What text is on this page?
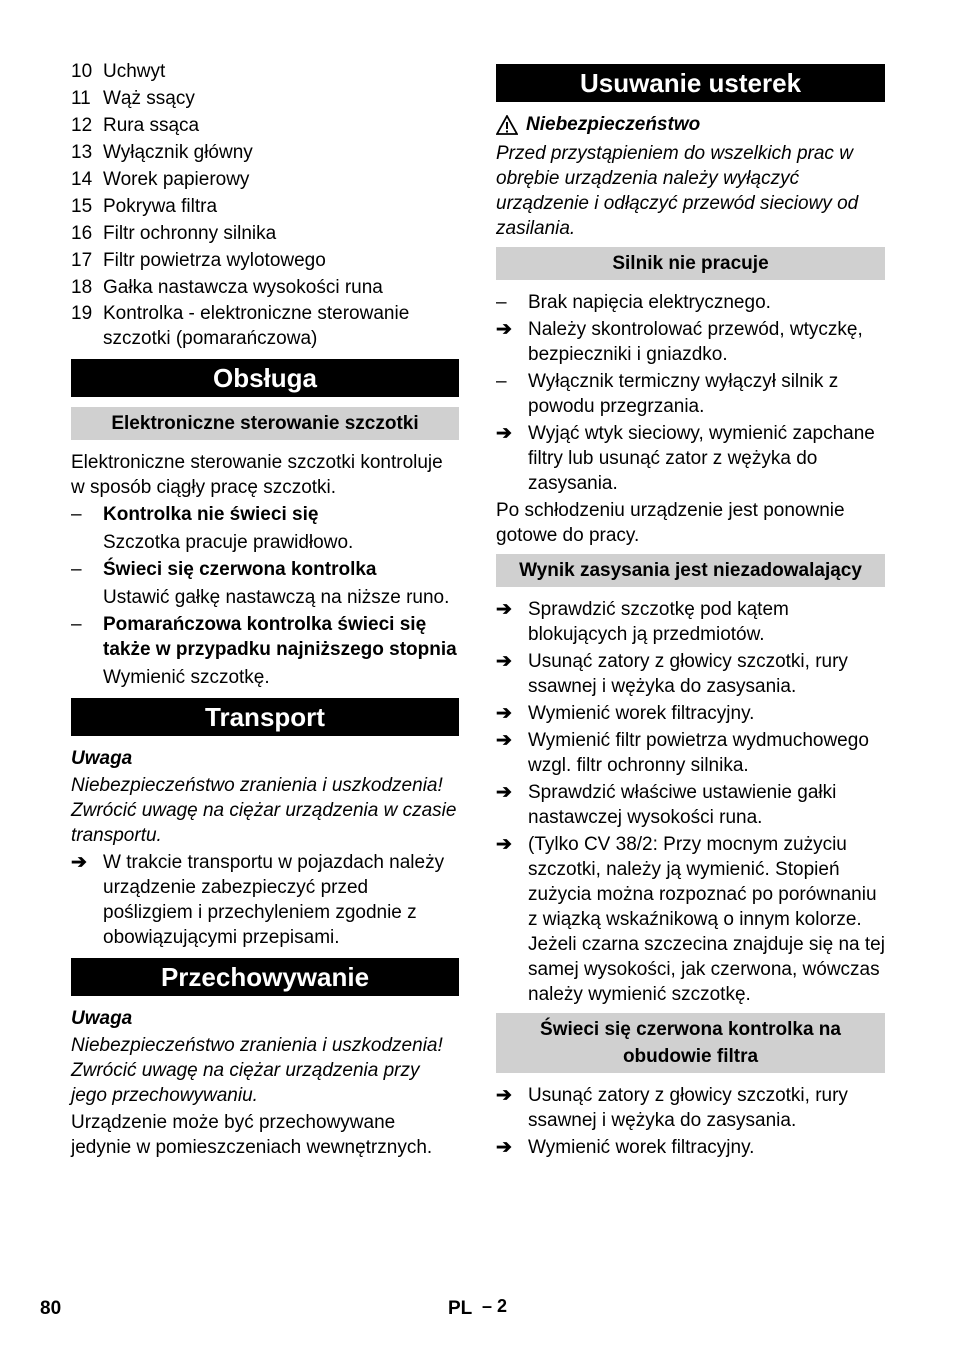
10 Uchwyt
11 Wąż ssący
12 Rura ssąca
13 Wyłącznik główny
14 Worek papierowy
15 Pokrywa filtra
16 Filtr ochronny silnika
17 Filtr powietrza wylotowego
18 Gałka nastawcza wysokości runa
19 Kontrolka - elektroniczne sterowanie szczotki (pomarańczowa)
Obsługa
Elektroniczne sterowanie szczotki

Elektroniczne sterowanie szczotki kontroluje w sposób ciągły pracę szczotki.

–	Kontrolka nie świeci się
Szczotka pracuje prawidłowo.
–	Świeci się czerwona kontrolka
Ustawić gałkę nastawczą na niższe runo.
–	Pomarańczowa kontrolka świeci się także w przypadku najniższego stopnia
Wymienić szczotkę.
Transport

Uwaga

Niebezpieczeństwo zranienia i uszkodzenia! Zwrócić uwagę na ciężar urządzenia w czasie transportu.

➔ W trakcie transportu w pojazdach należy urządzenie zabezpieczyć przed poślizgiem i przechyleniem zgodnie z obowiązującymi przepisami.
Przechowywanie

Uwaga

Niebezpieczeństwo zranienia i uszkodzenia! Zwrócić uwagę na ciężar urządzenia przy jego przechowywaniu.

Urządzenie może być przechowywane jedynie w pomieszczeniach wewnętrznych.

Usuwanie usterek
Niebezpieczeństwo

Przed przystąpieniem do wszelkich prac w obrębie urządzenia należy wyłączyć urządzenie i odłączyć przewód sieciowy od zasilania.

Silnik nie pracuje
–	Brak napięcia elektrycznego.
➔ Należy skontrolować przewód, wtyczkę, bezpieczniki i gniazdko.
–	Wyłącznik termiczny wyłączył silnik z powodu przegrzania.
➔ Wyjąć wtyk sieciowy, wymienić zapchane filtry lub usunąć zator z wężyka do zasysania.

Po schłodzeniu urządzenie jest ponownie gotowe do pracy.

Wynik zasysania jest niezadowalający
➔ Sprawdzić szczotkę pod kątem blokujących ją przedmiotów.
➔ Usunąć zatory z głowicy szczotki, rury ssawnej i wężyka do zasysania.
➔ Wymienić worek filtracyjny.
➔ Wymienić filtr powietrza wydmuchowego wzgl. filtr ochronny silnika.
➔ Sprawdzić właściwe ustawienie gałki nastawczej wysokości runa.
➔ (Tylko CV 38/2: Przy mocnym zużyciu szczotki, należy ją wymienić. Stopień zużycia można rozpoznać po porównaniu z wiązką wskaźnikową o innym kolorze. Jeżeli czarna szczecina znajduje się na tej samej wysokości, jak czerwona, wówczas należy wymienić szczotkę.
Świeci się czerwona kontrolka na obudowie filtra
➔ Usunąć zatory z głowicy szczotki, rury ssawnej i wężyka do zasysania.
➔ Wymienić worek filtracyjny.
80	PL – 2
